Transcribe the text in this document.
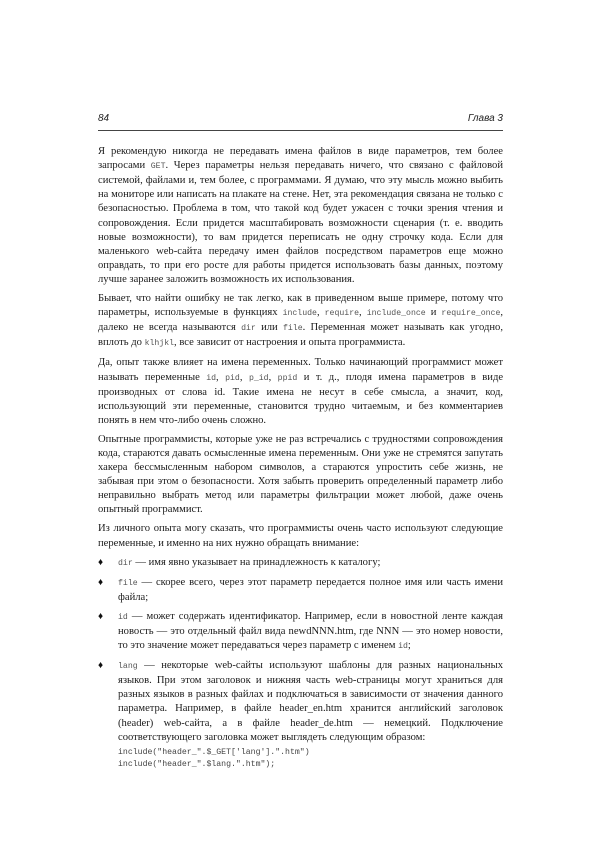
84	Глава 3

Я рекомендую никогда не передавать имена файлов в виде параметров, тем более запросами GET. Через параметры нельзя передавать ничего, что связано с файловой системой, файлами и, тем более, с программами. Я думаю, что эту мысль можно выбить на мониторе или написать на плакате на стене. Нет, эта рекомендация связана не только с безопасностью. Проблема в том, что такой код будет ужасен с точки зрения чтения и сопровождения. Если придется масштабировать возможности сценария (т. е. вводить новые возможности), то вам придется переписать не одну строчку кода. Если для маленького web-сайта передачу имен файлов посредством параметров еще можно оправдать, то при его росте для работы придется использовать базы данных, поэтому лучше заранее заложить возможность их использования.

Бывает, что найти ошибку не так легко, как в приведенном выше примере, потому что параметры, используемые в функциях include, require, include_once и require_once, далеко не всегда называются dir или file. Переменная может называть как угодно, вплоть до klhjkl, все зависит от настроения и опыта программиста.

Да, опыт также влияет на имена переменных. Только начинающий программист может называть переменные id, pid, p_id, ppid и т. д., плодя имена параметров в виде производных от слова id. Такие имена не несут в себе смысла, а значит, код, использующий эти переменные, становится трудно читаемым, и без комментариев понять в нем что-либо очень сложно.

Опытные программисты, которые уже не раз встречались с трудностями сопровождения кода, стараются давать осмысленные имена переменным. Они уже не стремятся запутать хакера бессмысленным набором символов, а стараются упростить себе жизнь, не забывая при этом о безопасности. Хотя забыть проверить определенный параметр либо неправильно выбрать метод или параметры фильтрации может любой, даже очень опытный программист.

Из личного опыта могу сказать, что программисты очень часто используют следующие переменные, и именно на них нужно обращать внимание:

♦ dir — имя явно указывает на принадлежность к каталогу;
♦ file — скорее всего, через этот параметр передается полное имя или часть имени файла;
♦ id — может содержать идентификатор. Например, если в новостной ленте каждая новость — это отдельный файл вида newdNNN.htm, где NNN — это номер новости, то это значение может передаваться через параметр с именем id;
♦ lang — некоторые web-сайты используют шаблоны для разных национальных языков. При этом заголовок и нижняя часть web-страницы могут храниться для разных языков в разных файлах и подключаться в зависимости от значения данного параметра. Например, в файле header_en.htm хранится английский заголовок (header) web-сайта, а в файле header_de.htm — немецкий. Подключение соответствующего заголовка может выглядеть следующим образом:
include("header_".$_GET['lang'].".htm")
include("header_".$lang.".htm");
